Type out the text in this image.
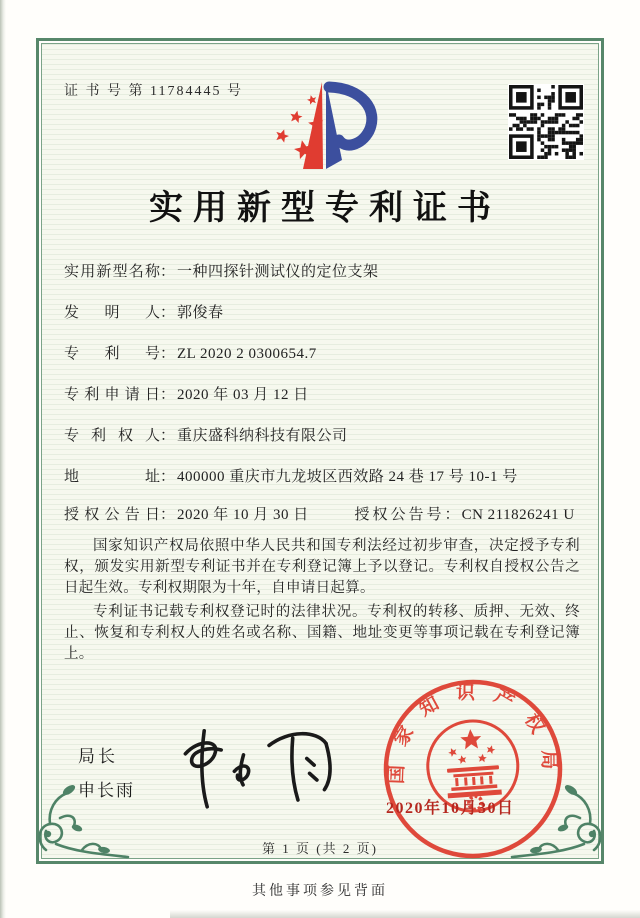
证 书 号 第 11784445 号
实用新型专利证书
实用新型名称： 一种四探针测试仪的定位支架
发明人： 郭俊春
专利号： ZL 2020 2 0300654.7
专利申请日： 2020 年 03 月 12 日
专利权人： 重庆盛科纳科技有限公司
地址： 400000 重庆市九龙坡区西效路 24 巷 17 号 10-1 号
授权公告日： 2020 年 10 月 30 日	授权公告号： CN 211826241 U

国家知识产权局依照中华人民共和国专利法经过初步审查，决定授予专利权，颁发实用新型专利证书并在专利登记簿上予以登记。专利权自授权公告之日起生效。专利权期限为十年，自申请日起算。

专利证书记载专利权登记时的法律状况。专利权的转移、质押、无效、终止、恢复和专利权人的姓名或名称、国籍、地址变更等事项记载在专利登记簿上。

局长
申长雨
国家知识产权局
2020年10月30日
第 1 页 (共 2 页)
其他事项参见背面
